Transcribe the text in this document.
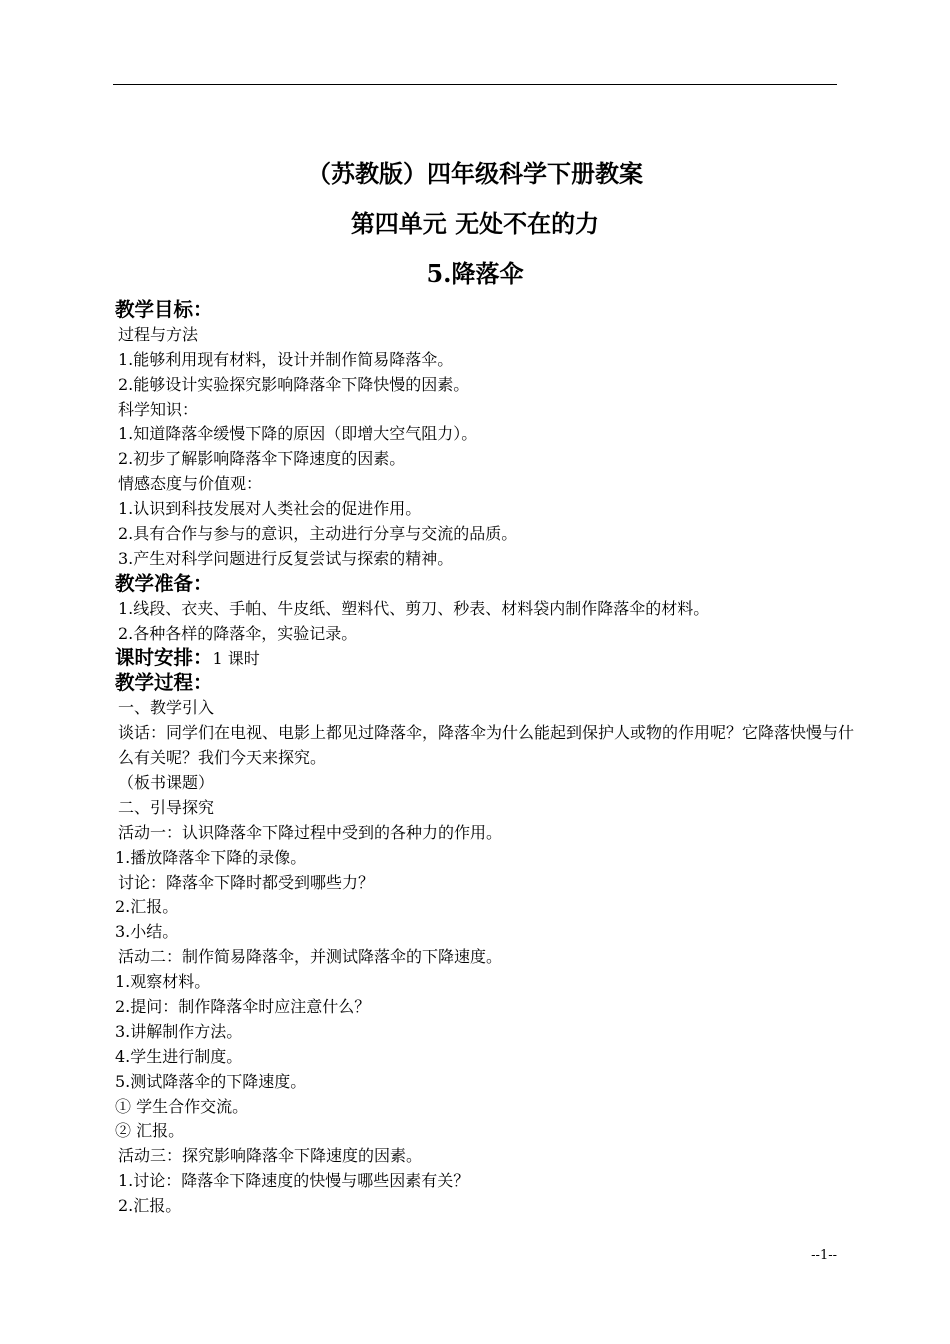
（苏教版）四年级科学下册教案
第四单元 无处不在的力
5.降落伞
教学目标：
过程与方法
1.能够利用现有材料，设计并制作简易降落伞。
2.能够设计实验探究影响降落伞下降快慢的因素。
科学知识：
1.知道降落伞缓慢下降的原因（即增大空气阻力）。
2.初步了解影响降落伞下降速度的因素。
情感态度与价值观：
1.认识到科技发展对人类社会的促进作用。
2.具有合作与参与的意识，主动进行分享与交流的品质。
3.产生对科学问题进行反复尝试与探索的精神。
教学准备：
1.线段、衣夹、手帕、牛皮纸、塑料代、剪刀、秒表、材料袋内制作降落伞的材料。
2.各种各样的降落伞，实验记录。
课时安排：1 课时
教学过程：
一、教学引入
谈话：同学们在电视、电影上都见过降落伞，降落伞为什么能起到保护人或物的作用呢？它降落快慢与什么有关呢？我们今天来探究。
（板书课题）
二、引导探究
活动一：认识降落伞下降过程中受到的各种力的作用。
1.播放降落伞下降的录像。
讨论：降落伞下降时都受到哪些力？
2.汇报。
3.小结。
活动二：制作简易降落伞，并测试降落伞的下降速度。
1.观察材料。
2.提问：制作降落伞时应注意什么？
3.讲解制作方法。
4.学生进行制度。
5.测试降落伞的下降速度。
① 学生合作交流。
② 汇报。
活动三：探究影响降落伞下降速度的因素。
1.讨论：降落伞下降速度的快慢与哪些因素有关？
2.汇报。
--1--
